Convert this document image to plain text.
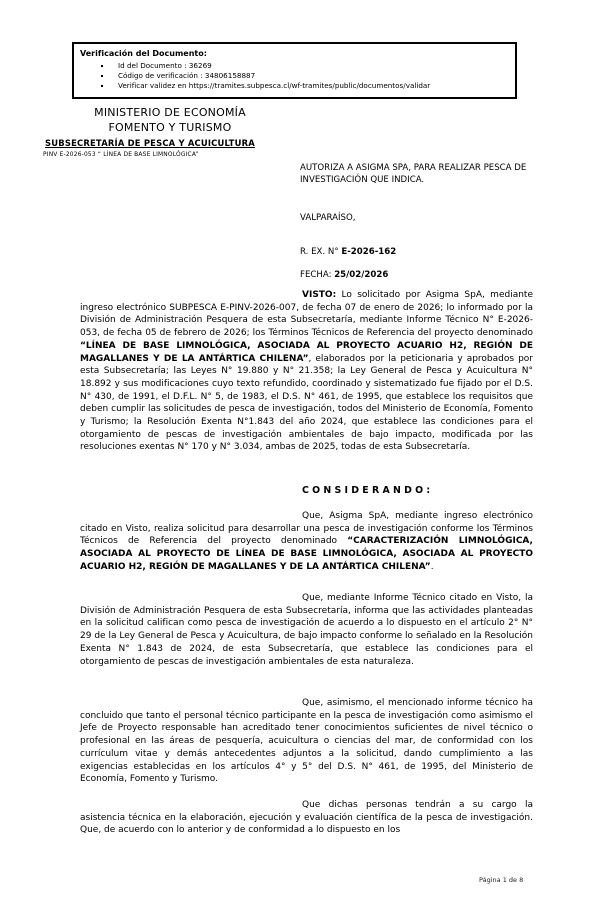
Verificación del Documento:
▪ Id del Documento : 36269
▪ Código de verificación : 34806158887
▪ Verificar validez en https://tramites.subpesca.cl/wf-tramites/public/documentos/validar
MINISTERIO DE ECONOMÍA
FOMENTO Y TURISMO
SUBSECRETARÍA DE PESCA Y ACUICULTURA
PINV E-2026-053 “ LÍNEA DE BASE LIMNOLÓGICA”
AUTORIZA A ASIGMA SPA, PARA REALIZAR PESCA DE INVESTIGACIÓN QUE INDICA.
VALPARAÍSO,
R. EX. N° E-2026-162
FECHA: 25/02/2026
VISTO: Lo solicitado por Asigma SpA, mediante ingreso electrónico SUBPESCA E-PINV-2026-007, de fecha 07 de enero de 2026; lo informado por la División de Administración Pesquera de esta Subsecretaría, mediante Informe Técnico N° E-2026-053, de fecha 05 de febrero de 2026; los Términos Técnicos de Referencia del proyecto denominado “LÍNEA DE BASE LIMNOLÓGICA, ASOCIADA AL PROYECTO ACUARIO H2, REGIÓN DE MAGALLANES Y DE LA ANTÁRTICA CHILENA”, elaborados por la peticionaria y aprobados por esta Subsecretaría; las Leyes N° 19.880 y N° 21.358; la Ley General de Pesca y Acuicultura N° 18.892 y sus modificaciones cuyo texto refundido, coordinado y sistematizado fue fijado por el D.S. N° 430, de 1991, el D.F.L. N° 5, de 1983, el D.S. N° 461, de 1995, que establece los requisitos que deben cumplir las solicitudes de pesca de investigación, todos del Ministerio de Economía, Fomento y Turismo; la Resolución Exenta N°1.843 del año 2024, que establece las condiciones para el otorgamiento de pescas de investigación ambientales de bajo impacto, modificada por las resoluciones exentas N° 170 y N° 3.034, ambas de 2025, todas de esta Subsecretaría.
C O N S I D E R A N D O :
Que, Asigma SpA, mediante ingreso electrónico citado en Visto, realiza solicitud para desarrollar una pesca de investigación conforme los Términos Técnicos de Referencia del proyecto denominado “CARACTERIZACIÓN LIMNOLÓGICA, ASOCIADA AL PROYECTO DE LÍNEA DE BASE LIMNOLÓGICA, ASOCIADA AL PROYECTO ACUARIO H2, REGIÓN DE MAGALLANES Y DE LA ANTÁRTICA CHILENA”.
Que, mediante Informe Técnico citado en Visto, la División de Administración Pesquera de esta Subsecretaría, informa que las actividades planteadas en la solicitud califican como pesca de investigación de acuerdo a lo dispuesto en el artículo 2° N° 29 de la Ley General de Pesca y Acuicultura, de bajo impacto conforme lo señalado en la Resolución Exenta N° 1.843 de 2024, de esta Subsecretaría, que establece las condiciones para el otorgamiento de pescas de investigación ambientales de esta naturaleza.
Que, asimismo, el mencionado informe técnico ha concluido que tanto el personal técnico participante en la pesca de investigación como asimismo el Jefe de Proyecto responsable han acreditado tener conocimientos suficientes de nivel técnico o profesional en las áreas de pesquería, acuicultura o ciencias del mar, de conformidad con los currículum vitae y demás antecedentes adjuntos a la solicitud, dando cumplimiento a las exigencias establecidas en los artículos 4° y 5° del D.S. N° 461, de 1995, del Ministerio de Economía, Fomento y Turismo.
Que dichas personas tendrán a su cargo la asistencia técnica en la elaboración, ejecución y evaluación científica de la pesca de investigación. Que, de acuerdo con lo anterior y de conformidad a lo dispuesto en los
Página 1 de 8
